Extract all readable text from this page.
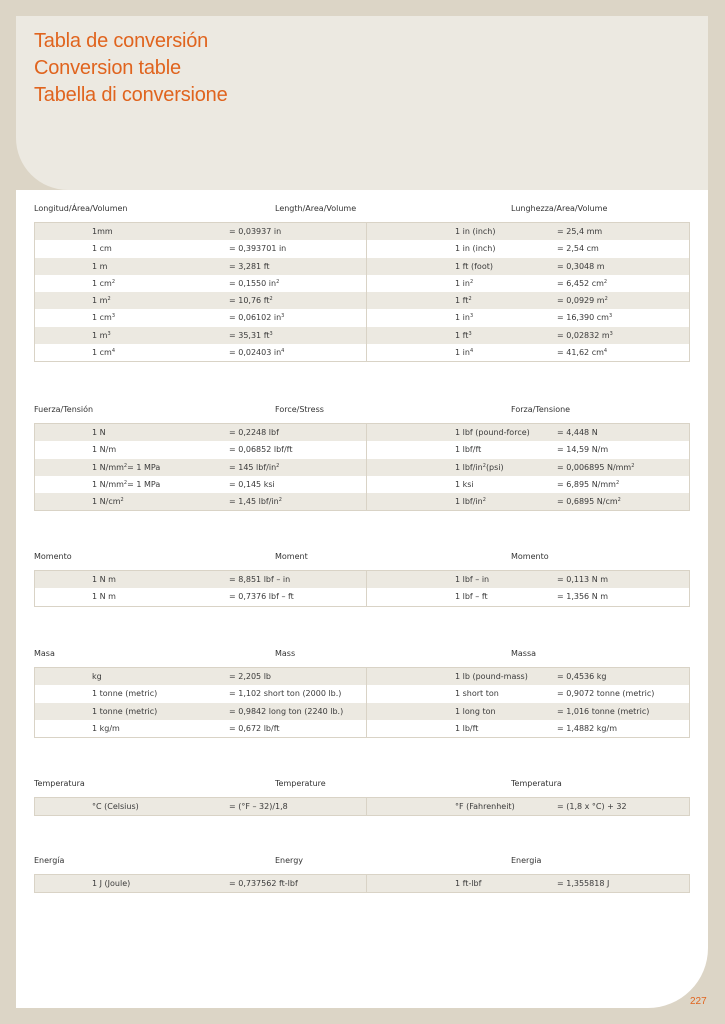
Tabla de conversión
Conversion table
Tabella di conversione
Longitud/Área/Volumen	Length/Area/Volume	Lunghezza/Area/Volume
1mm	= 0,03937 in	1 in (inch)	= 25,4 mm
1 cm	= 0,393701 in	1 in (inch)	= 2,54 cm
1 m	= 3,281 ft	1 ft (foot)	= 0,3048 m
1 $cm^2$	= 0,1550 $in^2$	1 $in^2$	= 6,452 $cm^2$
1 $m^2$	= 10,76 $ft^2$	1 $ft^2$	= 0,0929 $m^2$
1 $cm^3$	= 0,06102 $in^3$	1 $in^3$	= 16,390 $cm^3$
1 $m^3$	= 35,31 $ft^3$	1 $ft^3$	= 0,02832 $m^3$
1 $cm^4$	= 0,02403 $in^4$	1 $in^4$	= 41,62 $cm^4$
Fuerza/Tensión	Force/Stress	Forza/Tensione
1 N	= 0,2248 lbf	1 lbf (pound-force)	= 4,448 N
1 N/m	= 0,06852 lbf/ft	1 lbf/ft	= 14,59 N/m
1 $N/mm^2= 1$ MPa	= 145 lbf/$in^2$	1 lbf/$in^2(psi)$	= 0,006895 $N/mm^2$
1 $N/mm^2= 1$ MPa	= 0,145 ksi	1 ksi	= 6,895 $N/mm^2$
1 $N/cm^2$	= 1,45 lbf/$in^2$	1 lbf/$in^2$	= 0,6895 $N/cm^2$
Momento	Moment	Momento
1 N m	= 8,851 lbf – in	1 lbf – in	= 0,113 N m
1 N m	= 0,7376 lbf – ft	1 lbf – ft	= 1,356 N m
Masa	Mass	Massa
kg	= 2,205 lb	1 lb (pound-mass)	= 0,4536 kg
1 tonne (metric)	= 1,102 short ton (2000 lb.)	1 short ton	= 0,9072 tonne (metric)
1 tonne (metric)	= 0,9842 long ton (2240 lb.)	1 long ton	= 1,016 tonne (metric)
1 kg/m	= 0,672 lb/ft	1 lb/ft	= 1,4882 kg/m
Temperatura	Temperature	Temperatura
°C (Celsius)	= (°F – 32)/1,8	°F (Fahrenheit)	= (1,8 x °C) + 32
Energía	Energy	Energia
1 J (Joule)	= 0,737562 ft-lbf	1 ft-lbf	= 1,355818 J
227
